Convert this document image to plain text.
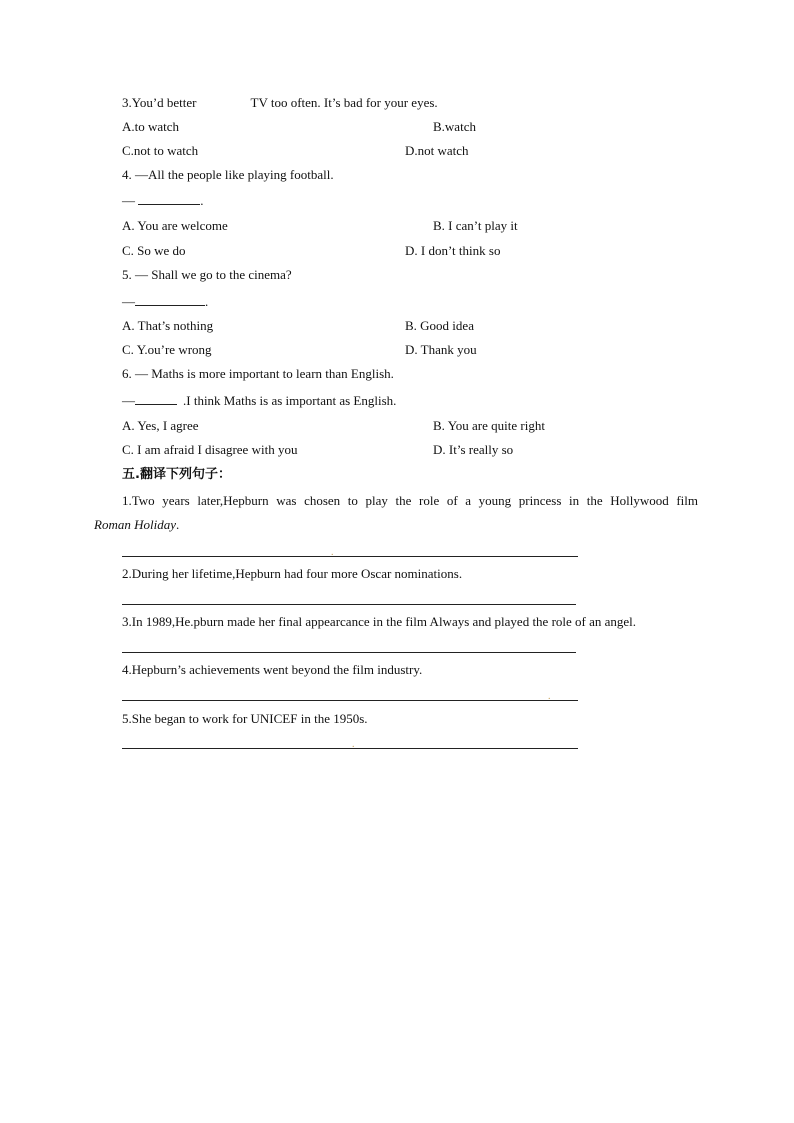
3.You’d better	TV too often. It’s bad for your eyes.
A.to watch	B.watch
C.not to watch	D.not watch
4. —All the people like playing football.
—	.
A. You are welcome	B. I can’t play it
C. So we do	D. I don’t think so
5. — Shall we go to the cinema?
—	.
A. That’s nothing	B. Good idea
C. Y.ou’re wrong	D. Thank you
6. — Maths is more important to learn than English.
—	.I think Maths is as important as English.
A. Yes, I agree	B. You are quite right
C. I am afraid I disagree with you	D. It’s really so
五.翻译下列句子：
1.Two years later,Hepburn was chosen to play the role of a young princess in the Hollywood film
Roman Holiday.
.
2.During her lifetime,Hepburn had four more Oscar nominations.
3.In 1989,He.pburn made her final appearcance in the film Always and played the role of an angel.
4.Hepburn’s achievements went beyond the film industry.
.
5.She began to work for UNICEF in the 1950s.
.
